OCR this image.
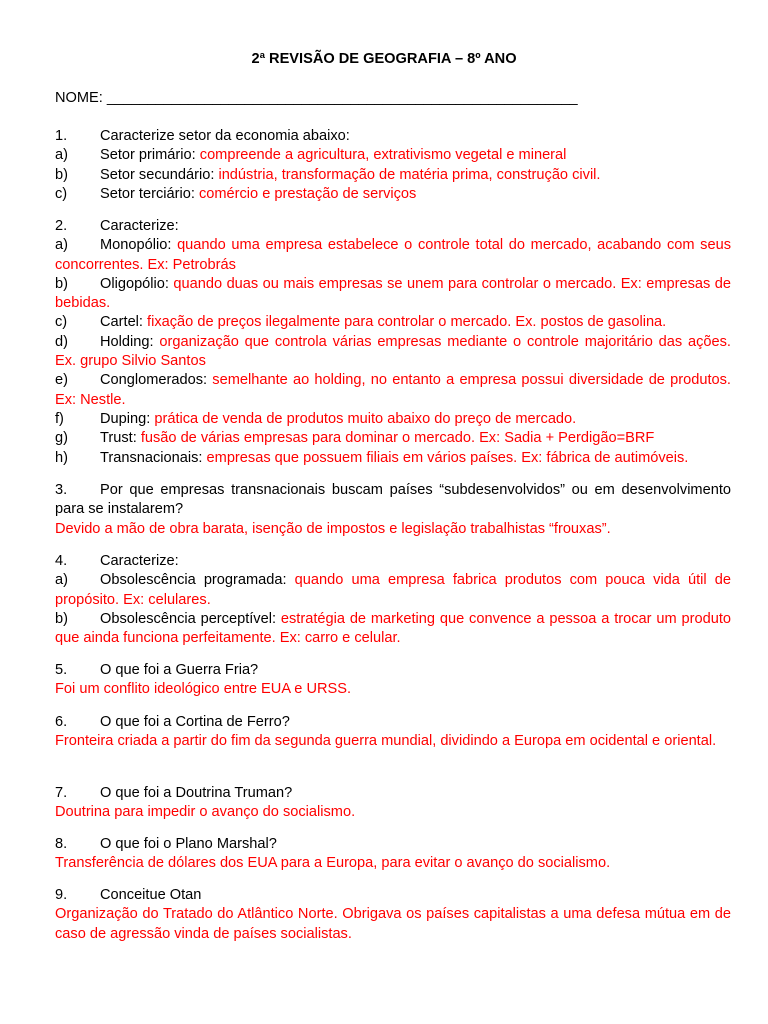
2ª REVISÃO DE GEOGRAFIA – 8º ANO
NOME: __________________________________________________________
1. Caracterize setor da economia abaixo:
a) Setor primário: compreende a agricultura, extrativismo vegetal e mineral
b) Setor secundário: indústria, transformação de matéria prima, construção civil.
c) Setor terciário: comércio e prestação de serviços
2. Caracterize:
a) Monopólio: quando uma empresa estabelece o controle total do mercado, acabando com seus concorrentes. Ex: Petrobrás
b) Oligopólio: quando duas ou mais empresas se unem para controlar o mercado. Ex: empresas de bebidas.
c) Cartel: fixação de preços ilegalmente para controlar o mercado. Ex. postos de gasolina.
d) Holding: organização que controla várias empresas mediante o controle majoritário das ações. Ex. grupo Silvio Santos
e) Conglomerados: semelhante ao holding, no entanto a empresa possui diversidade de produtos. Ex: Nestle.
f) Duping: prática de venda de produtos muito abaixo do preço de mercado.
g) Trust: fusão de várias empresas para dominar o mercado. Ex: Sadia + Perdigão=BRF
h) Transnacionais: empresas que possuem filiais em vários países. Ex: fábrica de autimóveis.
3. Por que empresas transnacionais buscam países “subdesenvolvidos” ou em desenvolvimento para se instalarem?
Devido a mão de obra barata, isenção de impostos e legislação trabalhistas “frouxas”.
4. Caracterize:
a) Obsolescência programada: quando uma empresa fabrica produtos com pouca vida útil de propósito. Ex: celulares.
b) Obsolescência perceptível: estratégia de marketing que convence a pessoa a trocar um produto que ainda funciona perfeitamente. Ex: carro e celular.
5. O que foi a Guerra Fria?
Foi um conflito ideológico entre EUA e URSS.
6. O que foi a Cortina de Ferro?
Fronteira criada a partir do fim da segunda guerra mundial, dividindo a Europa em ocidental e oriental.
7. O que foi a Doutrina Truman?
Doutrina para impedir o avanço do socialismo.
8. O que foi o Plano Marshal?
Transferência de dólares dos EUA para a Europa, para evitar o avanço do socialismo.
9. Conceitue Otan
Organização do Tratado do Atlântico Norte. Obrigava os países capitalistas a uma defesa mútua em de caso de agressão vinda de países socialistas.
